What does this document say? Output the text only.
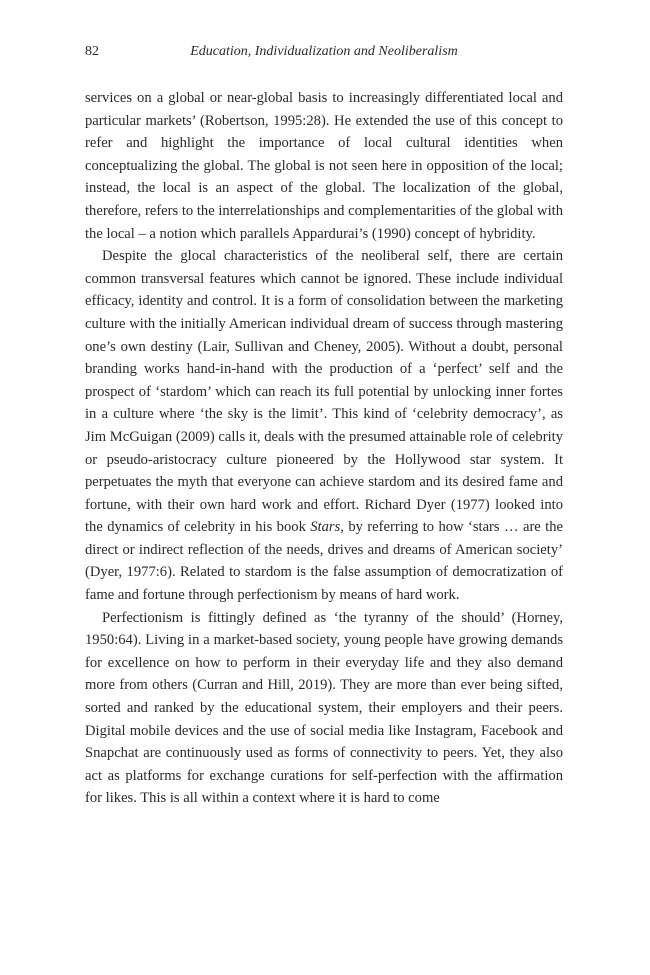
82	Education, Individualization and Neoliberalism

services on a global or near-global basis to increasingly differentiated local and particular markets’ (Robertson, 1995:28). He extended the use of this concept to refer and highlight the importance of local cultural identities when conceptualizing the global. The global is not seen here in opposition of the local; instead, the local is an aspect of the global. The localization of the global, therefore, refers to the interrelationships and complementarities of the global with the local – a notion which parallels Appardurai’s (1990) concept of hybridity.

Despite the glocal characteristics of the neoliberal self, there are certain common transversal features which cannot be ignored. These include individual efficacy, identity and control. It is a form of consolidation between the marketing culture with the initially American individual dream of success through mastering one’s own destiny (Lair, Sullivan and Cheney, 2005). Without a doubt, personal branding works hand-in-hand with the production of a ‘perfect’ self and the prospect of ‘stardom’ which can reach its full potential by unlocking inner fortes in a culture where ‘the sky is the limit’. This kind of ‘celebrity democracy’, as Jim McGuigan (2009) calls it, deals with the presumed attainable role of celebrity or pseudo-aristocracy culture pioneered by the Hollywood star system. It perpetuates the myth that everyone can achieve stardom and its desired fame and fortune, with their own hard work and effort. Richard Dyer (1977) looked into the dynamics of celebrity in his book Stars, by referring to how ‘stars … are the direct or indirect reflection of the needs, drives and dreams of American society’ (Dyer, 1977:6). Related to stardom is the false assumption of democratization of fame and fortune through perfectionism by means of hard work.

Perfectionism is fittingly defined as ‘the tyranny of the should’ (Horney, 1950:64). Living in a market-based society, young people have growing demands for excellence on how to perform in their everyday life and they also demand more from others (Curran and Hill, 2019). They are more than ever being sifted, sorted and ranked by the educational system, their employers and their peers. Digital mobile devices and the use of social media like Instagram, Facebook and Snapchat are continuously used as forms of connectivity to peers. Yet, they also act as platforms for exchange curations for self-perfection with the affirmation for likes. This is all within a context where it is hard to come
